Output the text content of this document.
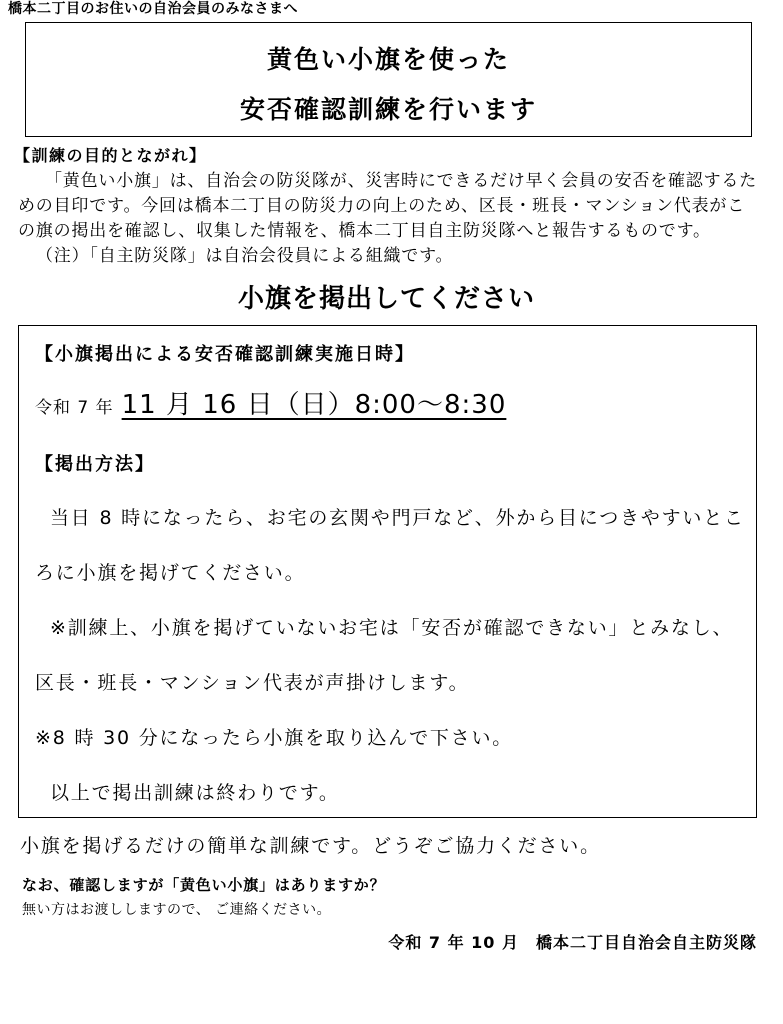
橋本二丁目のお住いの自治会員のみなさまへ
黄色い小旗を使った
安否確認訓練を行います
【訓練の目的とながれ】
「黄色い小旗」は、自治会の防災隊が、災害時にできるだけ早く会員の安否を確認するた
めの目印です。今回は橋本二丁目の防災力の向上のため、区長・班長・マンション代表がこ
の旗の掲出を確認し、収集した情報を、橋本二丁目自主防災隊へと報告するものです。
（注）「自主防災隊」は自治会役員による組織です。
小旗を掲出してください
【小旗掲出による安否確認訓練実施日時】
令和 7 年 11 月 16 日（日）8:00～8:30
【掲出方法】
当日 8 時になったら、お宅の玄関や門戸など、外から目につきやすいとこ
ろに小旗を掲げてください。
※訓練上、小旗を掲げていないお宅は「安否が確認できない」とみなし、
区長・班長・マンション代表が声掛けします。
※8 時 30 分になったら小旗を取り込んで下さい。
以上で掲出訓練は終わりです。
小旗を掲げるだけの簡単な訓練です。どうぞご協力ください。
なお、確認しますが「黄色い小旗」はありますか？
無い方はお渡ししますので、 ご連絡ください。
令和 7 年 10 月　橋本二丁目自治会自主防災隊
